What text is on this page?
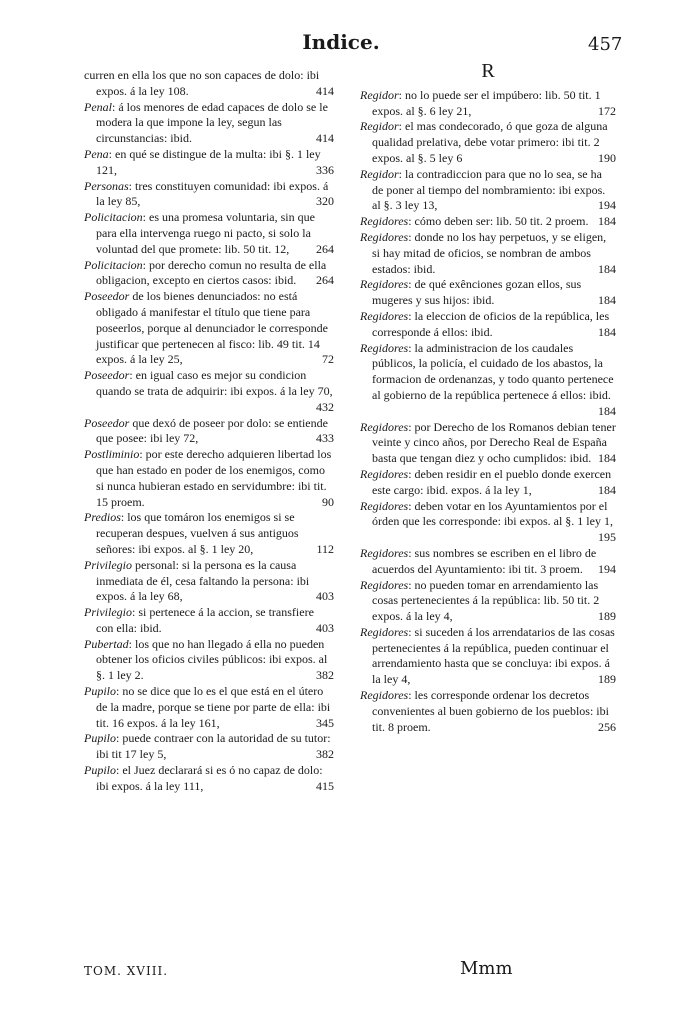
Indice.	457
curren en ella los que no son capaces de dolo: ibi expos. á la ley 108.	414
Penal: á los menores de edad capaces de dolo se le modera la que impone la ley, segun las circunstancias: ibid.	414
Pena: en qué se distingue de la multa: ibi §. 1 ley 121,	336
Personas: tres constituyen comunidad: ibi expos. á la ley 85,	320
Policitacion: es una promesa voluntaria, sin que para ella intervenga ruego ni pacto, si solo la voluntad del que promete: lib. 50 tit. 12, 264
Policitacion: por derecho comun no resulta de ella obligacion, excepto en ciertos casos: ibid. 264
Poseedor de los bienes denunciados: no está obligado á manifestar el título que tiene para poseerlos, porque al denunciador le corresponde justificar que pertenecen al fisco: lib. 49 tit. 14 expos. á la ley 25,	72
Poseedor: en igual caso es mejor su condicion quando se trata de adquirir: ibi expos. á la ley 70,
432
Poseedor que dexó de poseer por dolo: se entiende que posee: ibi ley 72,	433
Postliminio: por este derecho adquieren libertad los que han estado en poder de los enemigos, como si nunca hubieran estado en servidumbre: ibi tit. 15 proem.	90
Predios: los que tomáron los enemigos si se recuperan despues, vuelven á sus antiguos señores: ibi expos. al §. 1 ley 20,	112
Privilegio personal: si la persona es la causa inmediata de él, cesa faltando la persona: ibi expos. á la ley 68,	403
Privilegio: si pertenece á la accion, se transfiere con ella: ibid.	403
Pubertad: los que no han llegado á ella no pueden obtener los oficios civiles públicos: ibi expos. al §. 1 ley 2.	382
Pupilo: no se dice que lo es el que está en el útero de la madre, porque se tiene por parte de ella: ibi tit. 16 expos. á la ley 161,	345
Pupilo: puede contraer con la autoridad de su tutor: ibi tit 17 ley 5,	382
Pupilo: el Juez declarará si es ó no capaz de dolo: ibi expos. á la ley 111,	415
R
Regidor: no lo puede ser el impúbero: lib. 50 tit. 1 expos. al §. 6 ley 21,	172
Regidor: el mas condecorado, ó que goza de alguna qualidad prelativa, debe votar primero: ibi tit. 2 expos. al §. 5 ley 6	190
Regidor: la contradiccion para que no lo sea, se ha de poner al tiempo del nombramiento: ibi expos. al §. 3 ley 13,	194
Regidores: cómo deben ser: lib. 50 tit. 2 proem. 184
Regidores: donde no los hay perpetuos, y se eligen, si hay mitad de oficios, se nombran de ambos estados: ibid.	184
Regidores: de qué exênciones gozan ellos, sus mugeres y sus hijos: ibid.	184
Regidores: la eleccion de oficios de la república, les corresponde á ellos: ibid.	184
Regidores: la administracion de los caudales públicos, la policía, el cuidado de los abastos, la formacion de ordenanzas, y todo quanto pertenece al gobierno de la república pertenece á ellos: ibid.
184
Regidores: por Derecho de los Romanos debian tener veinte y cinco años, por Derecho Real de España basta que tengan diez y ocho cumplidos: ibid. 184
Regidores: deben residir en el pueblo donde exercen este cargo: ibid. expos. á la ley 1,	184
Regidores: deben votar en los Ayuntamientos por el órden que les corresponde: ibi expos. al §. 1 ley 1,
195
Regidores: sus nombres se escriben en el libro de acuerdos del Ayuntamiento: ibi tit. 3 proem. 194
Regidores: no pueden tomar en arrendamiento las cosas pertenecientes á la república: lib. 50 tit. 2 expos. á la ley 4,	189
Regidores: si suceden á los arrendatarios de las cosas pertenecientes á la república, pueden continuar el arrendamiento hasta que se concluya: ibi expos. á la ley 4,	189
Regidores: les corresponde ordenar los decretos convenientes al buen gobierno de los pueblos: ibi tit. 8 proem.	256
TOM. XVIII.	Mmm
